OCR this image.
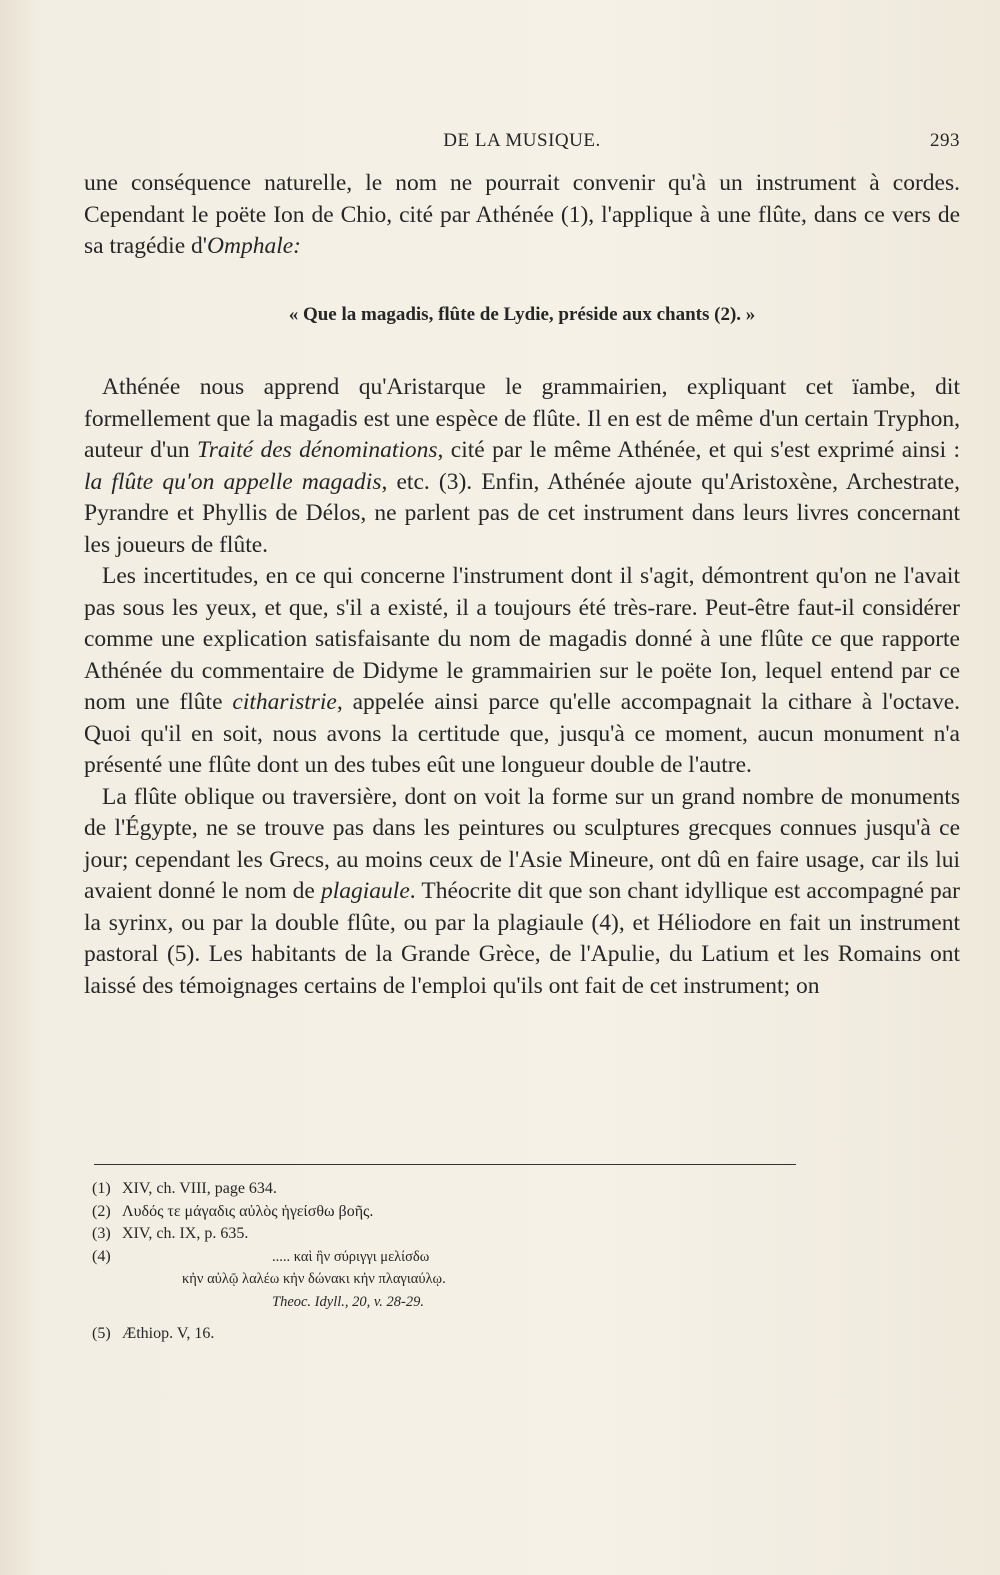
DE LA MUSIQUE.	293

une conséquence naturelle, le nom ne pourrait convenir qu'à un instrument à cordes. Cependant le poëte Ion de Chio, cité par Athénée (1), l'applique à une flûte, dans ce vers de sa tragédie d'Omphale:

« Que la magadis, flûte de Lydie, préside aux chants (2). »

Athénée nous apprend qu'Aristarque le grammairien, expliquant cet ïambe, dit formellement que la magadis est une espèce de flûte. Il en est de même d'un certain Tryphon, auteur d'un Traité des dénominations, cité par le même Athénée, et qui s'est exprimé ainsi : la flûte qu'on appelle magadis, etc. (3). Enfin, Athénée ajoute qu'Aristoxène, Archestrate, Pyrandre et Phyllis de Délos, ne parlent pas de cet instrument dans leurs livres concernant les joueurs de flûte.

Les incertitudes, en ce qui concerne l'instrument dont il s'agit, démontrent qu'on ne l'avait pas sous les yeux, et que, s'il a existé, il a toujours été très-rare. Peut-être faut-il considérer comme une explication satisfaisante du nom de magadis donné à une flûte ce que rapporte Athénée du commentaire de Didyme le grammairien sur le poëte Ion, lequel entend par ce nom une flûte citharistrie, appelée ainsi parce qu'elle accompagnait la cithare à l'octave. Quoi qu'il en soit, nous avons la certitude que, jusqu'à ce moment, aucun monument n'a présenté une flûte dont un des tubes eût une longueur double de l'autre.

La flûte oblique ou traversière, dont on voit la forme sur un grand nombre de monuments de l'Égypte, ne se trouve pas dans les peintures ou sculptures grecques connues jusqu'à ce jour; cependant les Grecs, au moins ceux de l'Asie Mineure, ont dû en faire usage, car ils lui avaient donné le nom de plagiaule. Théocrite dit que son chant idyllique est accompagné par la syrinx, ou par la double flûte, ou par la plagiaule (4), et Héliodore en fait un instrument pastoral (5). Les habitants de la Grande Grèce, de l'Apulie, du Latium et les Romains ont laissé des témoignages certains de l'emploi qu'ils ont fait de cet instrument; on

(1) XIV, ch. VIII, page 634.

(2) Λυδός τε μάγαδις αὐλὸς ἡγείσθω βοῆς.

(3) XIV, ch. IX, p. 635.

(4)	..... καὶ ἣν σύριγγι μελίσδω
κἠν αὐλῷ λαλέω κἠν δώνακι κἠν πλαγιαύλῳ.
Theoc. Idyll., 20, v. 28-29.

(5) Æthiop. V, 16.
